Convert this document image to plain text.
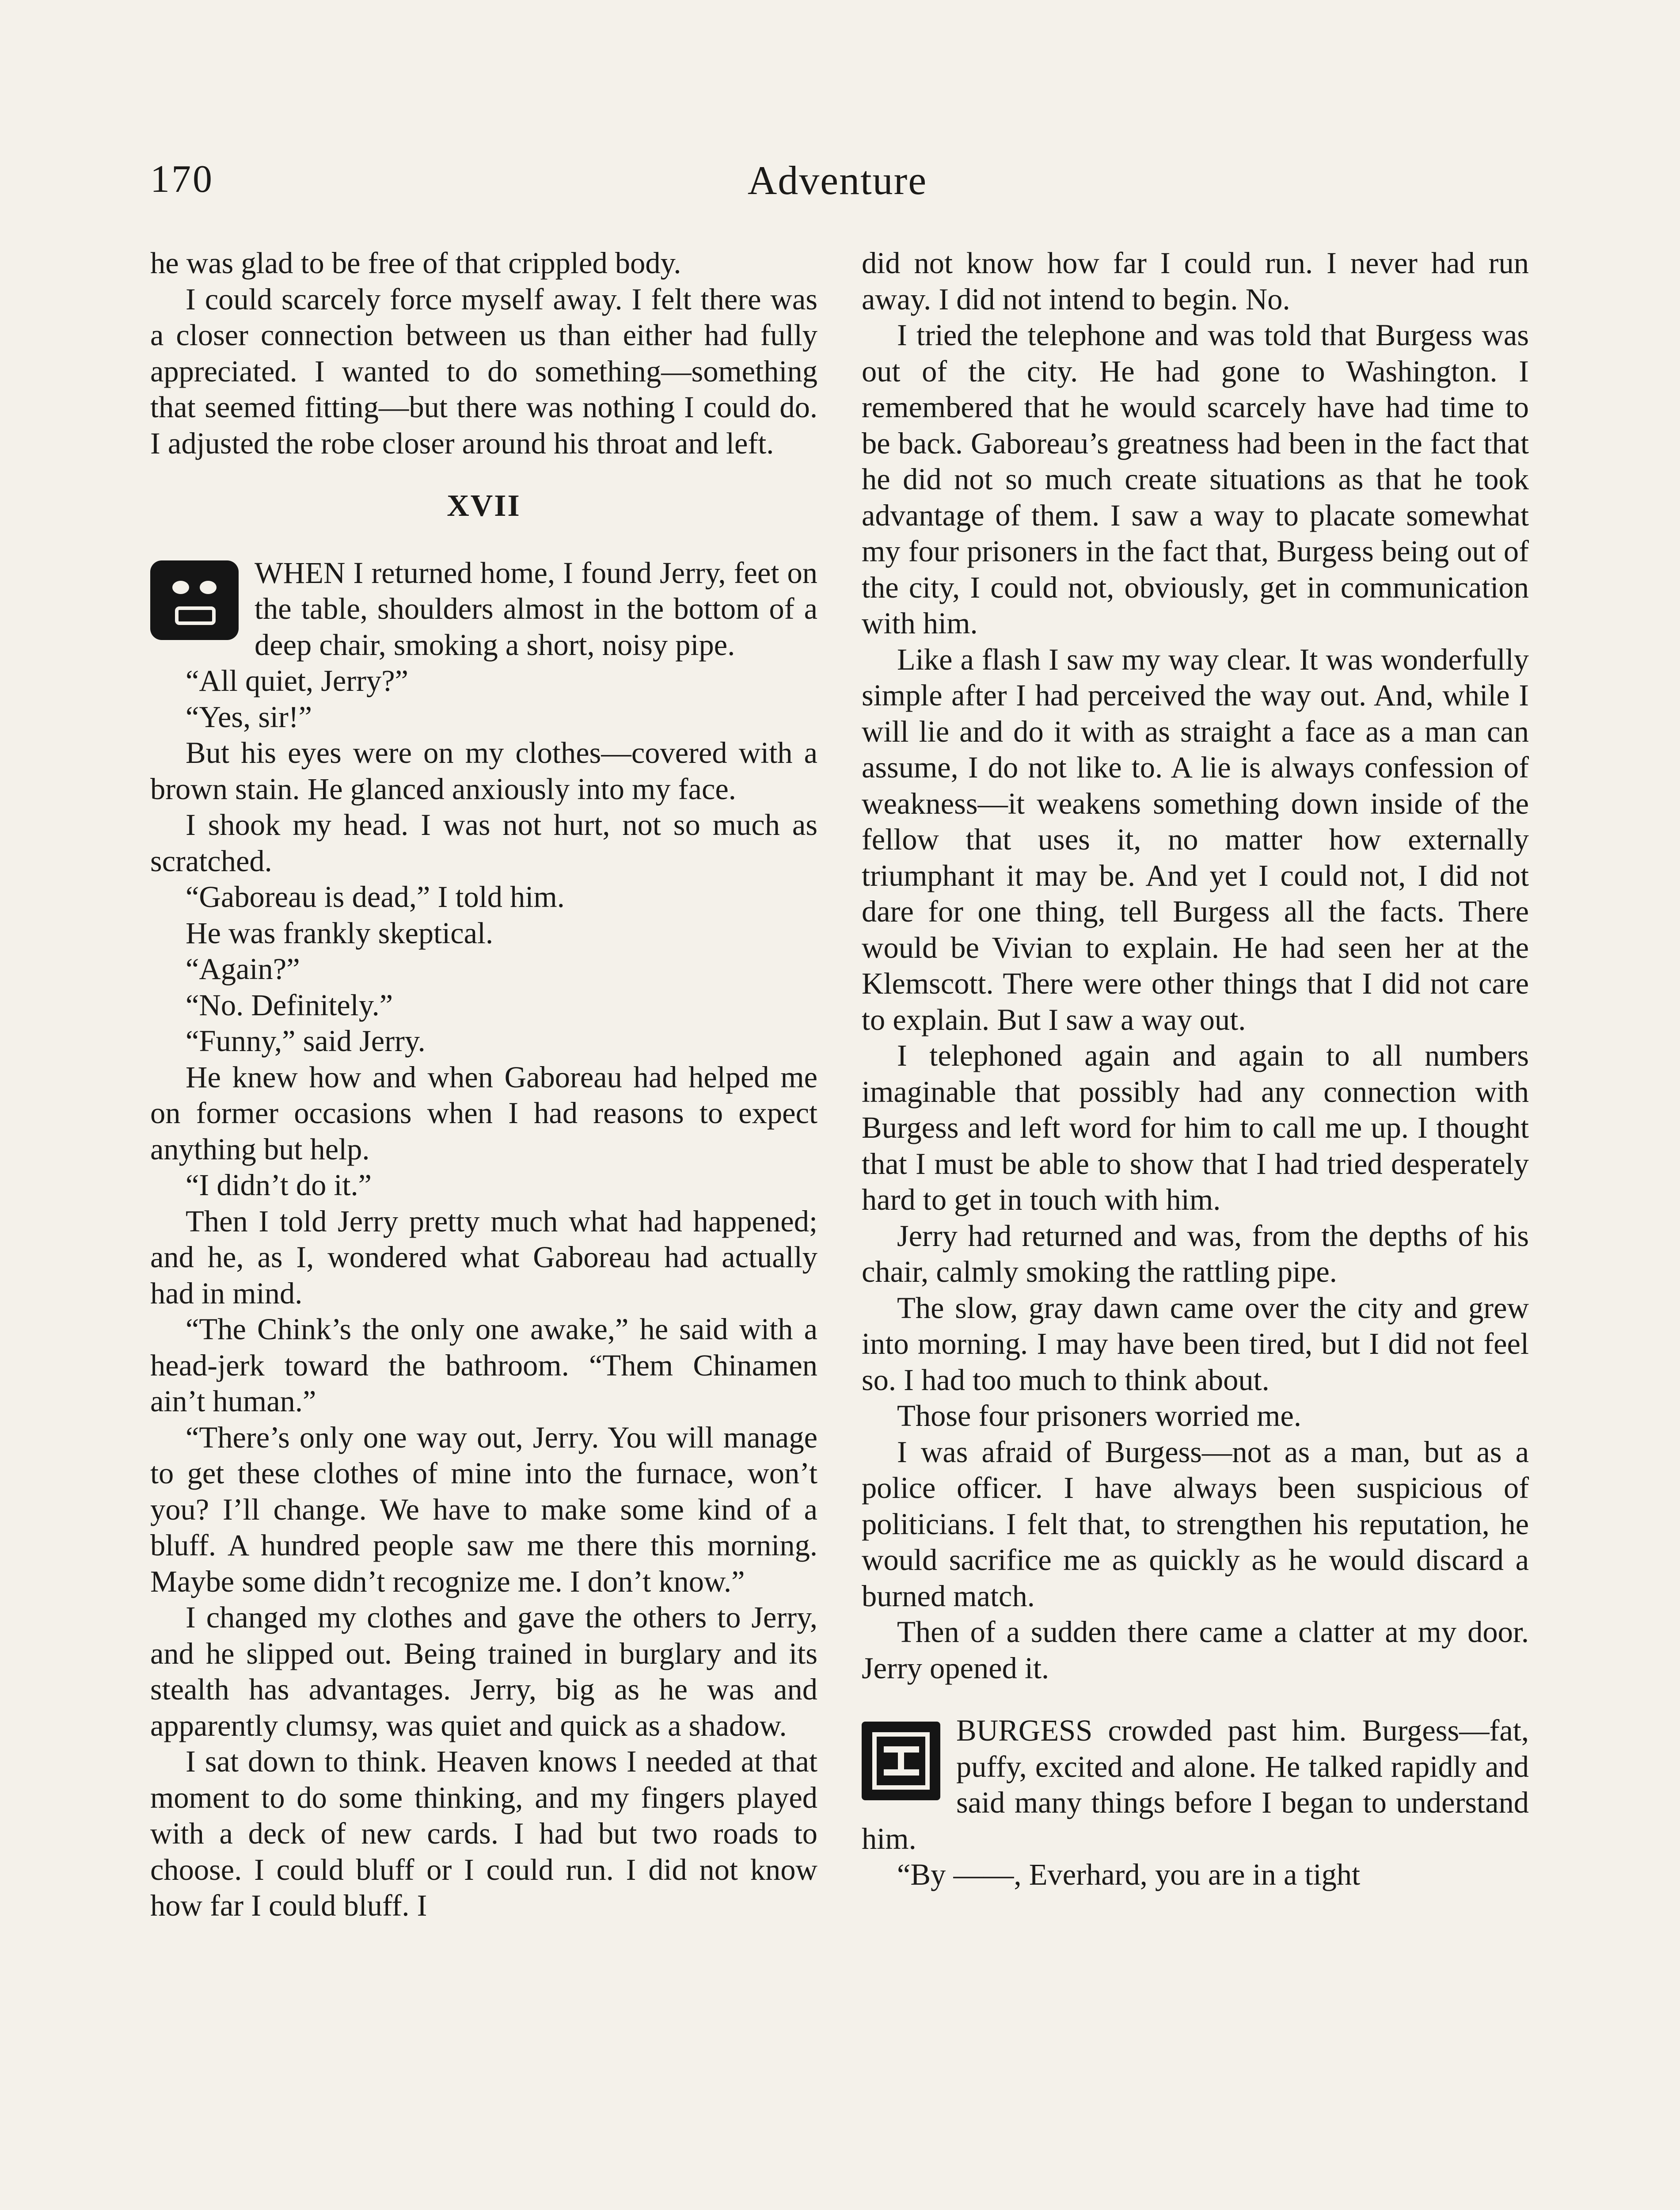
170	Adventure

he was glad to be free of that crippled body.

I could scarcely force myself away. I felt there was a closer connection between us than either had fully appreciated. I wanted to do something—something that seemed fitting—but there was nothing I could do. I adjusted the robe closer around his throat and left.

XVII

WHEN I returned home, I found Jerry, feet on the table, shoulders almost in the bottom of a deep chair, smoking a short, noisy pipe.

“All quiet, Jerry?”

“Yes, sir!”

But his eyes were on my clothes—covered with a brown stain. He glanced anxiously into my face.

I shook my head. I was not hurt, not so much as scratched.

“Gaboreau is dead,” I told him.

He was frankly skeptical.

“Again?”

“No. Definitely.”

“Funny,” said Jerry.

He knew how and when Gaboreau had helped me on former occasions when I had reasons to expect anything but help.

“I didn’t do it.”

Then I told Jerry pretty much what had happened; and he, as I, wondered what Gaboreau had actually had in mind.

“The Chink’s the only one awake,” he said with a head-jerk toward the bathroom. “Them Chinamen ain’t human.”

“There’s only one way out, Jerry. You will manage to get these clothes of mine into the furnace, won’t you? I’ll change. We have to make some kind of a bluff. A hundred people saw me there this morning. Maybe some didn’t recognize me. I don’t know.”

I changed my clothes and gave the others to Jerry, and he slipped out. Being trained in burglary and its stealth has advantages. Jerry, big as he was and apparently clumsy, was quiet and quick as a shadow.

I sat down to think. Heaven knows I needed at that moment to do some thinking, and my fingers played with a deck of new cards. I had but two roads to choose. I could bluff or I could run. I did not know how far I could bluff. I

did not know how far I could run. I never had run away. I did not intend to begin. No.

I tried the telephone and was told that Burgess was out of the city. He had gone to Washington. I remembered that he would scarcely have had time to be back. Gaboreau’s greatness had been in the fact that he did not so much create situations as that he took advantage of them. I saw a way to placate somewhat my four prisoners in the fact that, Burgess being out of the city, I could not, obviously, get in communication with him.

Like a flash I saw my way clear. It was wonderfully simple after I had perceived the way out. And, while I will lie and do it with as straight a face as a man can assume, I do not like to. A lie is always confession of weakness—it weakens something down inside of the fellow that uses it, no matter how externally triumphant it may be. And yet I could not, I did not dare for one thing, tell Burgess all the facts. There would be Vivian to explain. He had seen her at the Klemscott. There were other things that I did not care to explain. But I saw a way out.

I telephoned again and again to all numbers imaginable that possibly had any connection with Burgess and left word for him to call me up. I thought that I must be able to show that I had tried desperately hard to get in touch with him.

Jerry had returned and was, from the depths of his chair, calmly smoking the rattling pipe.

The slow, gray dawn came over the city and grew into morning. I may have been tired, but I did not feel so. I had too much to think about.

Those four prisoners worried me.

I was afraid of Burgess—not as a man, but as a police officer. I have always been suspicious of politicians. I felt that, to strengthen his reputation, he would sacrifice me as quickly as he would discard a burned match.

Then of a sudden there came a clatter at my door. Jerry opened it.

BURGESS crowded past him. Burgess—fat, puffy, excited and alone. He talked rapidly and said many things before I began to understand him.

“By ——, Everhard, you are in a tight
